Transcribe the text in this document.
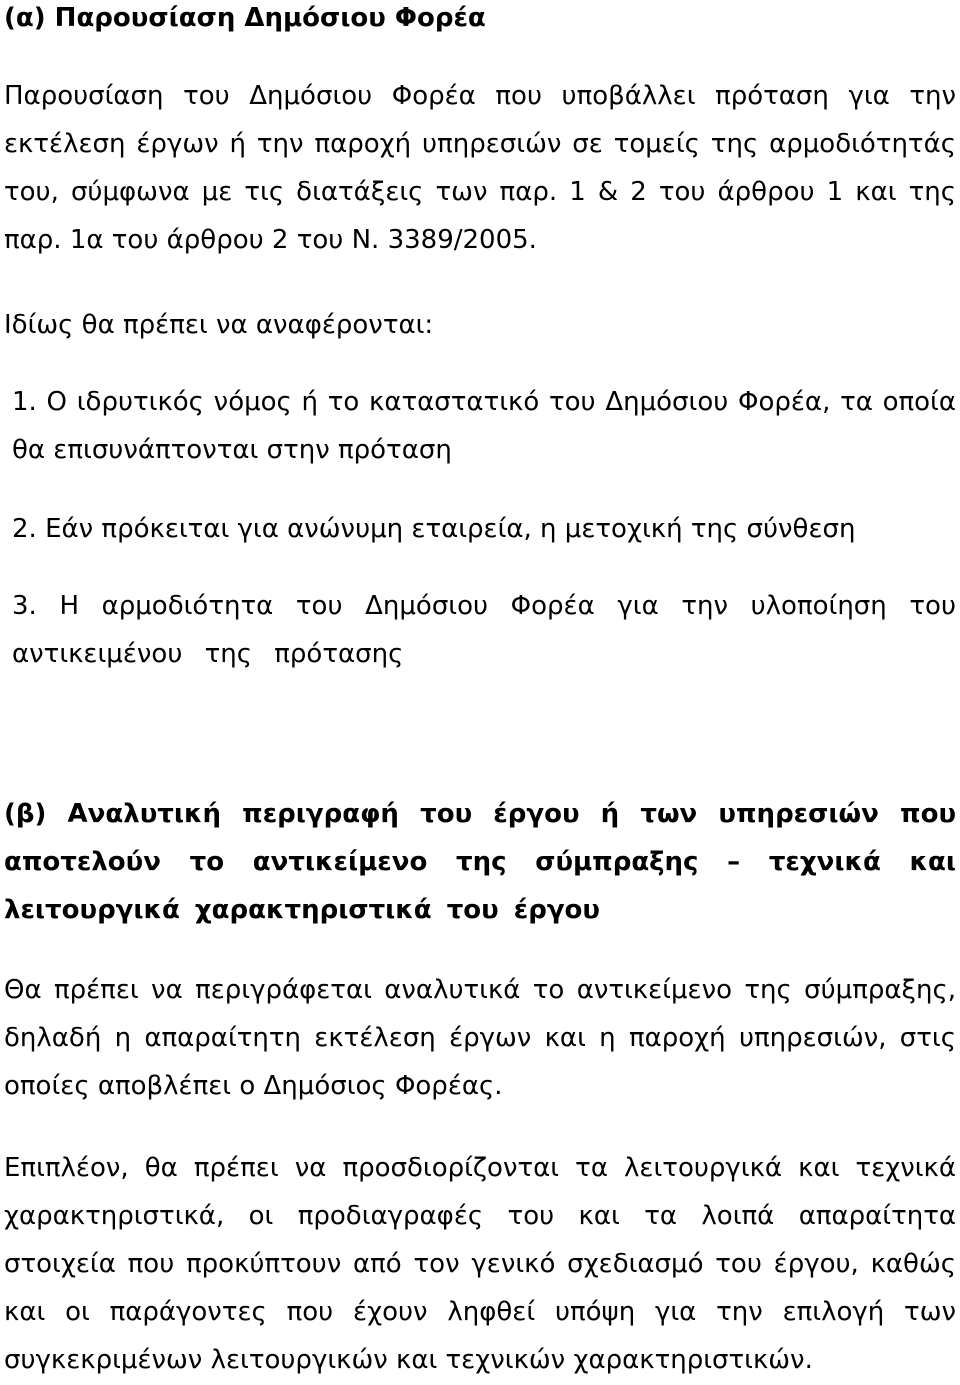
(α) Παρουσίαση Δημόσιου Φορέα

Παρουσίαση του Δημόσιου Φορέα που υποβάλλει πρόταση για την εκτέλεση έργων ή την παροχή υπηρεσιών σε τομείς της αρμοδιότητάς του, σύμφωνα με τις διατάξεις των παρ. 1 & 2 του άρθρου 1 και της παρ. 1α του άρθρου 2 του Ν. 3389/2005.

Ιδίως θα πρέπει να αναφέρονται:

1. Ο ιδρυτικός νόμος ή το καταστατικό του Δημόσιου Φορέα, τα οποία θα επισυνάπτονται στην πρόταση

2. Εάν πρόκειται για ανώνυμη εταιρεία, η μετοχική της σύνθεση

3. Η αρμοδιότητα του Δημόσιου Φορέα για την υλοποίηση του αντικειμένου της πρότασης

(β) Αναλυτική περιγραφή του έργου ή των υπηρεσιών που αποτελούν το αντικείμενο της σύμπραξης – τεχνικά και λειτουργικά χαρακτηριστικά του έργου

Θα πρέπει να περιγράφεται αναλυτικά το αντικείμενο της σύμπραξης, δηλαδή η απαραίτητη εκτέλεση έργων και η παροχή υπηρεσιών, στις οποίες αποβλέπει ο Δημόσιος Φορέας.

Επιπλέον, θα πρέπει να προσδιορίζονται τα λειτουργικά και τεχνικά χαρακτηριστικά, οι προδιαγραφές του και τα λοιπά απαραίτητα στοιχεία που προκύπτουν από τον γενικό σχεδιασμό του έργου, καθώς και οι παράγοντες που έχουν ληφθεί υπόψη για την επιλογή των συγκεκριμένων λειτουργικών και τεχνικών χαρακτηριστικών.
